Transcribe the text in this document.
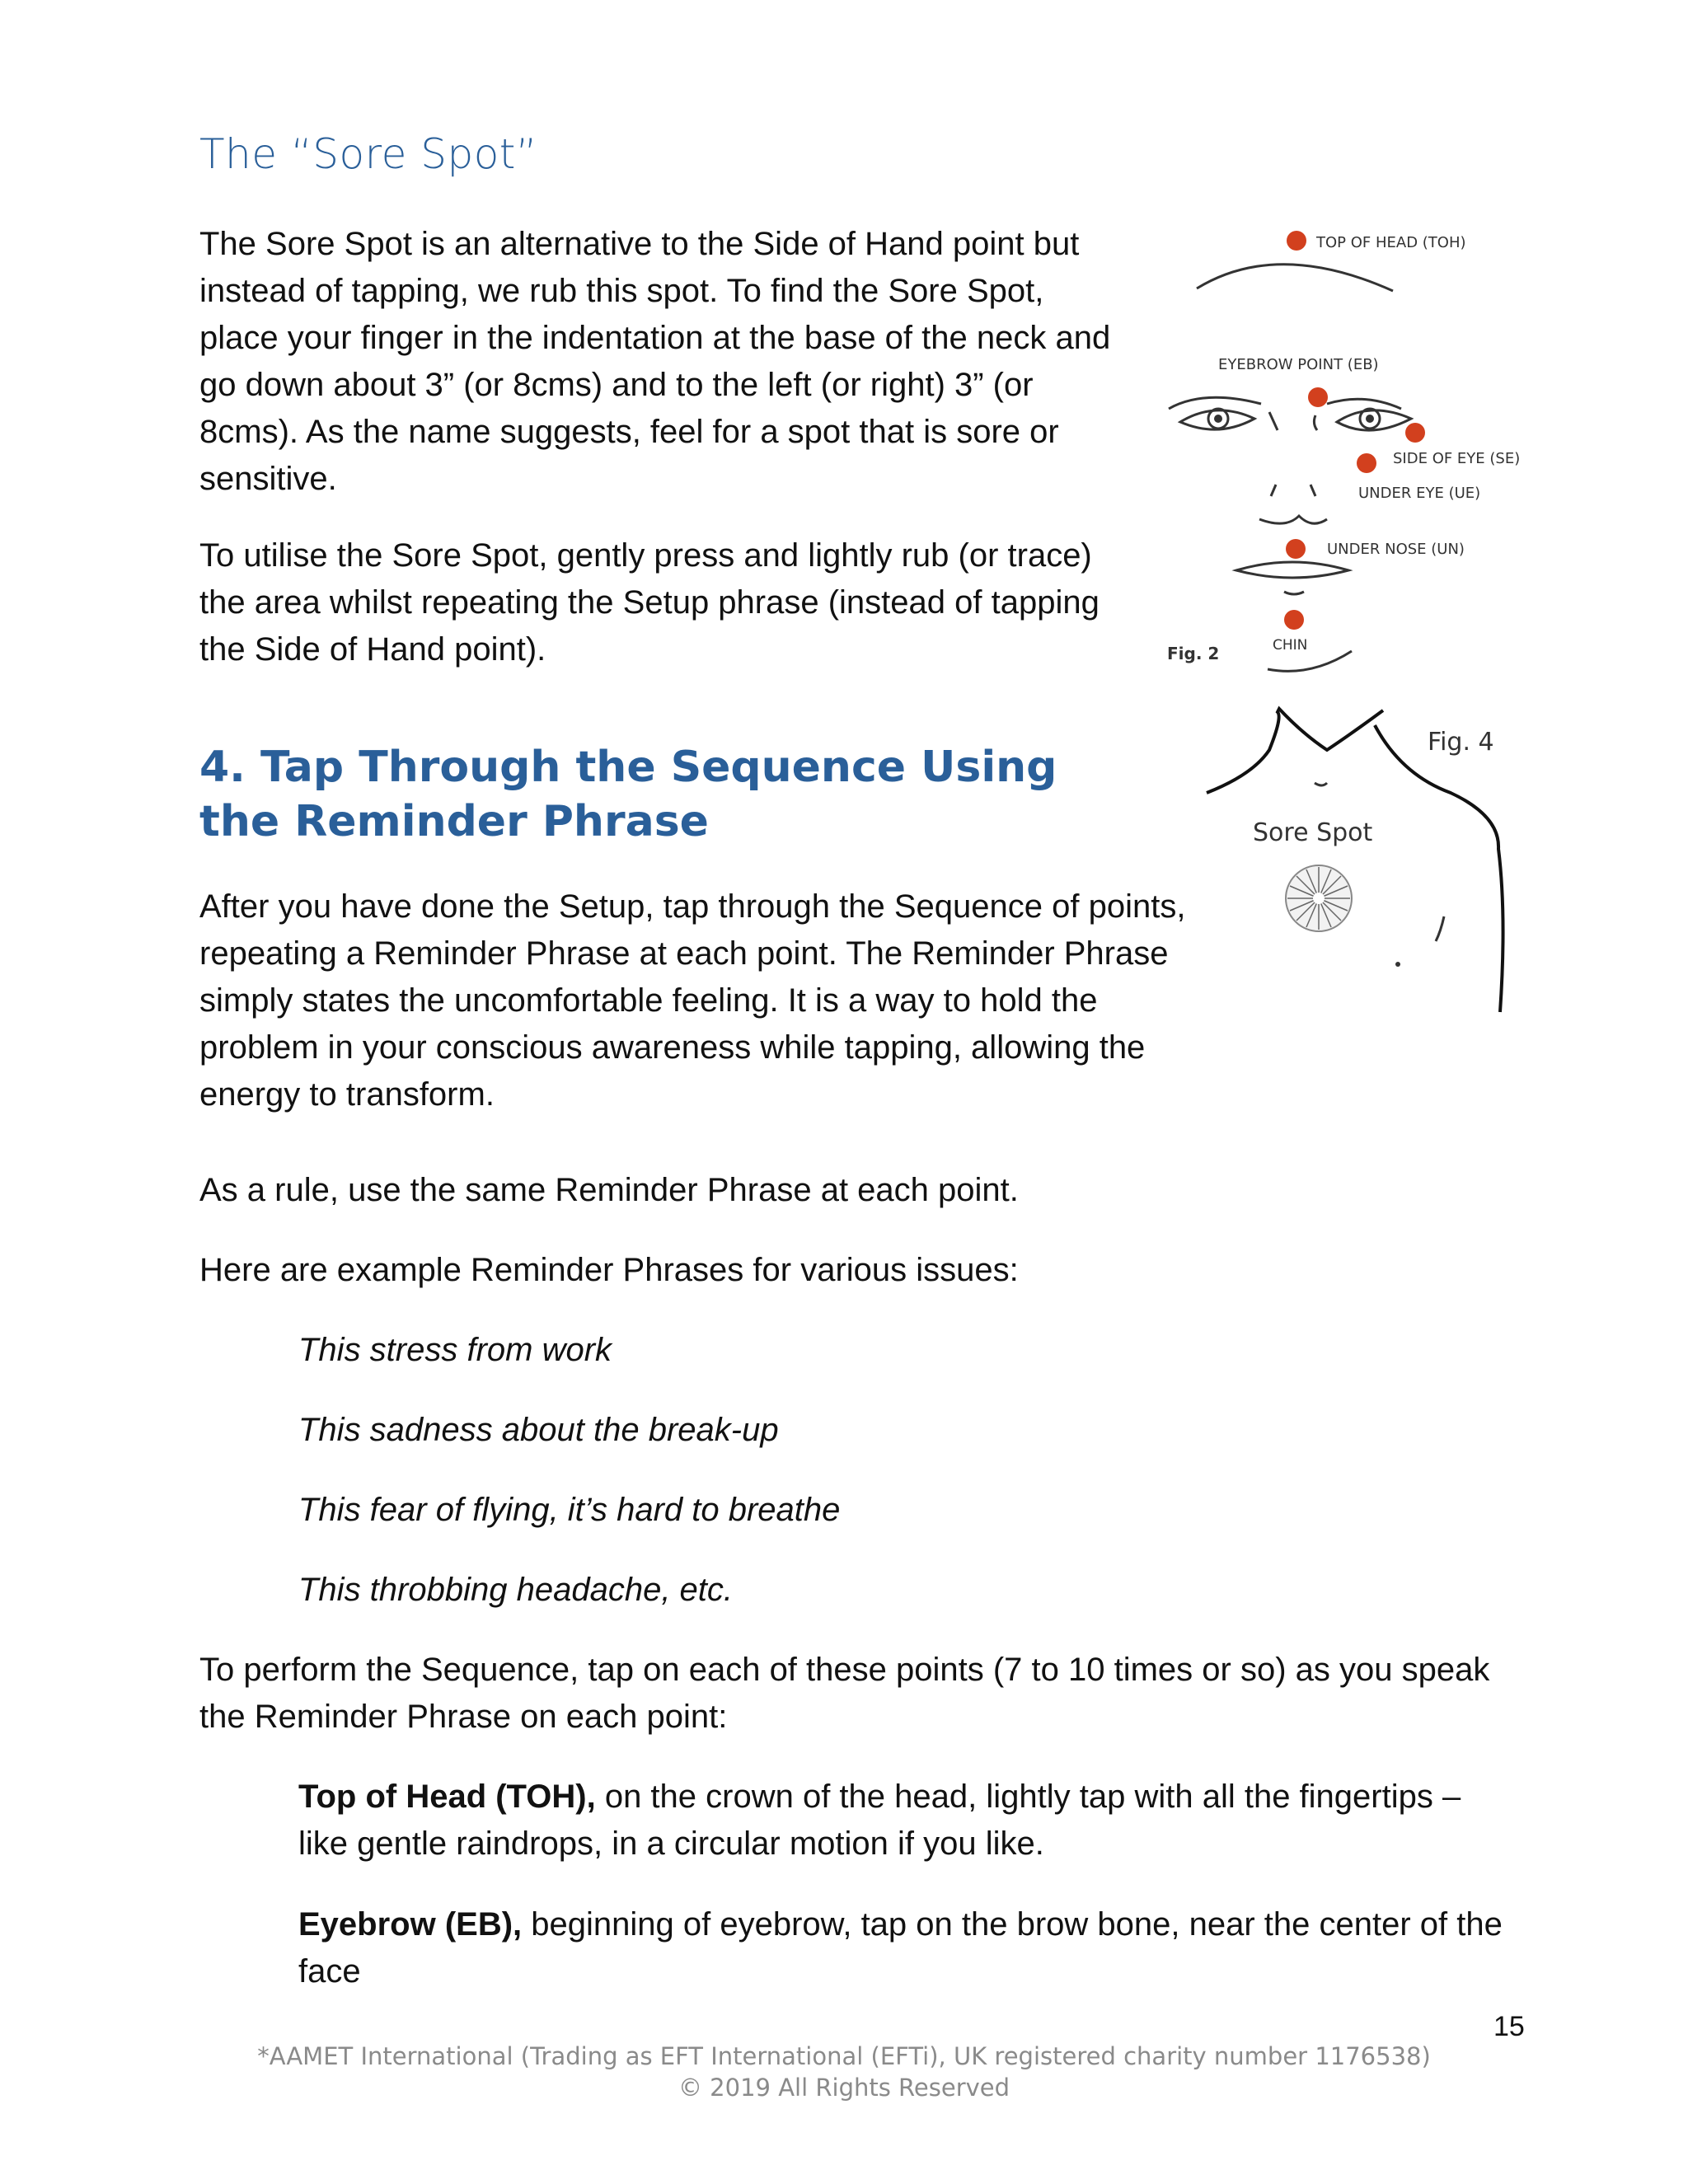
The “Sore Spot”

The Sore Spot is an alternative to the Side of Hand point but instead of tapping, we rub this spot. To find the Sore Spot, place your finger in the indentation at the base of the neck and go down about 3” (or 8cms) and to the left (or right) 3” (or 8cms). As the name suggests, feel for a spot that is sore or sensitive.

To utilise the Sore Spot, gently press and lightly rub (or trace) the area whilst repeating the Setup phrase (instead of tapping the Side of Hand point).

4. Tap Through the Sequence Using the Reminder Phrase

After you have done the Setup, tap through the Sequence of points, repeating a Reminder Phrase at each point. The Reminder Phrase simply states the uncomfortable feeling. It is a way to hold the problem in your conscious awareness while tapping, allowing the energy to transform.

As a rule, use the same Reminder Phrase at each point.

Here are example Reminder Phrases for various issues:

This stress from work

This sadness about the break-up

This fear of flying, it’s hard to breathe

This throbbing headache, etc.

To perform the Sequence, tap on each of these points (7 to 10 times or so) as you speak the Reminder Phrase on each point:

Top of Head (TOH), on the crown of the head, lightly tap with all the fingertips – like gentle raindrops, in a circular motion if you like.

Eyebrow (EB), beginning of eyebrow, tap on the brow bone, near the center of the face

TOP OF HEAD (TOH)
EYEBROW POINT (EB)
SIDE OF EYE (SE)
UNDER EYE (UE)
UNDER NOSE (UN)
CHIN
Fig. 2
Fig. 4
Sore Spot
15
*AAMET International (Trading as EFT International (EFTi), UK registered charity number 1176538)
© 2019 All Rights Reserved
